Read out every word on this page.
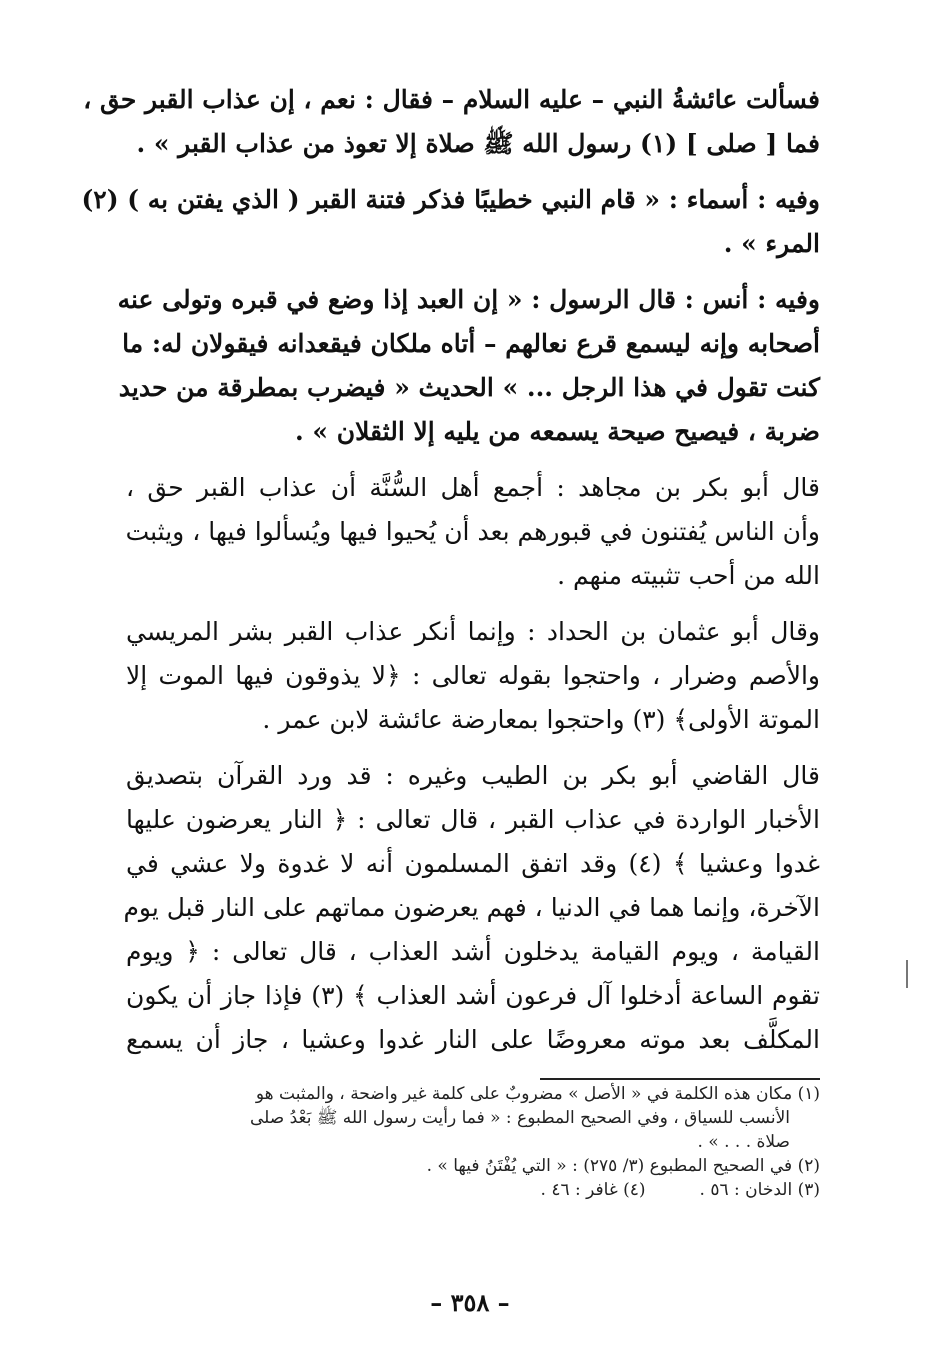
فسألت عائشةُ النبي – عليه السلام – فقال : نعم ، إن عذاب القبر حق ،
فما [ صلى ] (١) رسول الله ﷺ صلاة إلا تعوذ من عذاب القبر » .
وفيه : أسماء : « قام النبي خطيبًا فذكر فتنة القبر ( الذي يفتن به ) (٢)
المرء » .
وفيه : أنس : قال الرسول : « إن العبد إذا وضع في قبره وتولى عنه
أصحابه وإنه ليسمع قرع نعالهم – أتاه ملكان فيقعدانه فيقولان له: ما
كنت تقول في هذا الرجل ... » الحديث « فيضرب بمطرقة من حديد
ضربة ، فيصيح صيحة يسمعه من يليه إلا الثقلان » .
قال أبو بكر بن مجاهد : أجمع أهل السُّنَّة أن عذاب القبر حق ،
وأن الناس يُفتنون في قبورهم بعد أن يُحيوا فيها ويُسألوا فيها ، ويثبت
الله من أحب تثبيته منهم .
وقال أبو عثمان بن الحداد : وإنما أنكر عذاب القبر بشر المريسي
والأصم وضرار ، واحتجوا بقوله تعالى : ﴿لا يذوقون فيها الموت إلا
الموتة الأولى﴾ (٣) واحتجوا بمعارضة عائشة لابن عمر .
قال القاضي أبو بكر بن الطيب وغيره : قد ورد القرآن بتصديق
الأخبار الواردة في عذاب القبر ، قال تعالى : ﴿ النار يعرضون عليها
غدوا وعشيا ﴾ (٤) وقد اتفق المسلمون أنه لا غدوة ولا عشي في
الآخرة، وإنما هما في الدنيا ، فهم يعرضون مماتهم على النار قبل يوم
القيامة ، ويوم القيامة يدخلون أشد العذاب ، قال تعالى : ﴿ ويوم
تقوم الساعة أدخلوا آل فرعون أشد العذاب ﴾ (٣) فإذا جاز أن يكون
المكلَّف بعد موته معروضًا على النار غدوا وعشيا ، جاز أن يسمع
(١) مكان هذه الكلمة في « الأصل » مضروبٌ على كلمة غير واضحة ، والمثبت هو
الأنسب للسياق ، وفي الصحيح المطبوع : « فما رأيت رسول الله ﷺ بَعْدُ صلى
صلاة . . . » .
(٢) في الصحيح المطبوع (٣/ ٢٧٥) : « التي يُفْتَنُ فيها » .
(٣) الدخان : ٥٦ .          (٤) غافر : ٤٦ .
– ٣٥٨ –
